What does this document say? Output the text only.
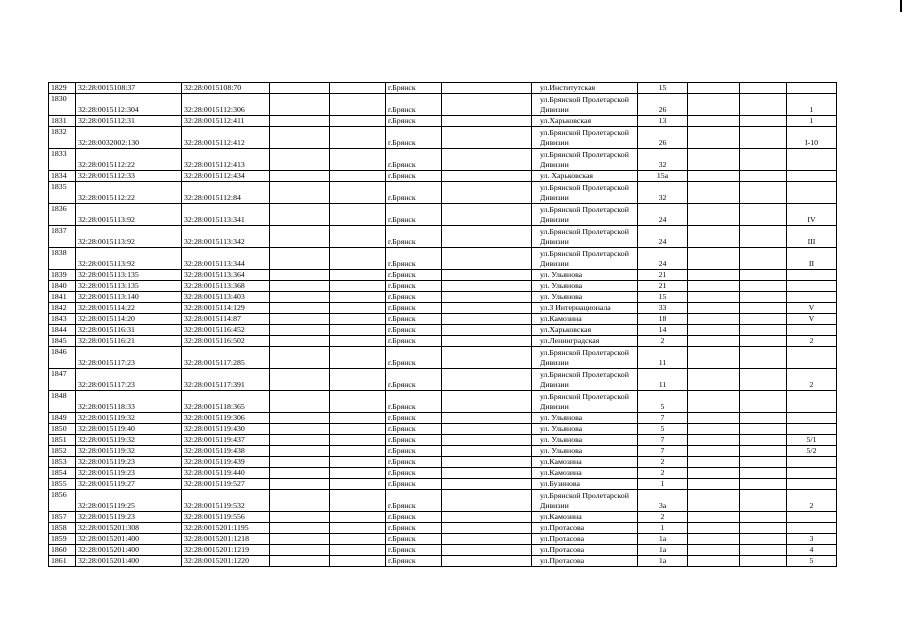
1829	32:28:0015108:37	32:28:0015108:70			г.Брянск		ул.Институтская	15			
1830	32:28:0015112:304	32:28:0015112:306			г.Брянск		ул.Брянской Пролетарской
Дивизии	26			1
1831	32:28:0015112:31	32:28:0015112:411			г.Брянск		ул.Харьковская	13			1
1832	32:28:0032002:130	32:28:0015112:412			г.Брянск		ул.Брянской Пролетарской
Дивизии	26			I-10
1833	32:28:0015112:22	32:28:0015112:413			г.Брянск		ул.Брянской Пролетарской
Дивизии	32			
1834	32:28:0015112:33	32:28:0015112:434			г.Брянск		ул. Харьковская	15а			
1835	32:28:0015112:22	32:28:0015112:84			г.Брянск		ул.Брянской Пролетарской
Дивизии	32			
1836	32:28:0015113:92	32:28:0015113:341			г.Брянск		ул.Брянской Пролетарской
Дивизии	24			IV
1837	32:28:0015113:92	32:28:0015113:342			г.Брянск		ул.Брянской Пролетарской
Дивизии	24			III
1838	32:28:0015113:92	32:28:0015113:344			г.Брянск		ул.Брянской Пролетарской
Дивизии	24			II
1839	32:28:0015113:135	32:28:0015113:364			г.Брянск		ул. Ульянова	21			
1840	32:28:0015113:135	32:28:0015113:368			г.Брянск		ул. Ульянова	21			
1841	32:28:0015113:140	32:28:0015113:403			г.Брянск		ул. Ульянова	15			
1842	32:28:0015114:22	32:28:0015114:129			г.Брянск		ул.3 Интернационала	33			V
1843	32:28:0015114:20	32:28:0015114:87			г.Брянск		ул.Камозина	18			V
1844	32:28:0015116:31	32:28:0015116:452			г.Брянск		ул.Харьковская	14			
1845	32:28:0015116:21	32:28:0015116:502			г.Брянск		ул.Ленинградская	2			2
1846	32:28:0015117:23	32:28:0015117:285			г.Брянск		ул.Брянской Пролетарской
Дивизии	11			
1847	32:28:0015117:23	32:28:0015117:391			г.Брянск		ул.Брянской Пролетарской
Дивизии	11			2
1848	32:28:0015118:33	32:28:0015118:365			г.Брянск		ул.Брянской Пролетарской
Дивизии	5			
1849	32:28:0015119:32	32:28:0015119:306			г.Брянск		ул. Ульянова	7			
1850	32:28:0015119:40	32:28:0015119:430			г.Брянск		ул. Ульянова	5			
1851	32:28:0015119:32	32:28:0015119:437			г.Брянск		ул. Ульянова	7			5/1
1852	32:28:0015119:32	32:28:0015119:438			г.Брянск		ул. Ульянова	7			5/2
1853	32:28:0015119:23	32:28:0015119:439			г.Брянск		ул.Камозина	2			
1854	32:28:0015119:23	32:28:0015119:440			г.Брянск		ул.Камозина	2			
1855	32:28:0015119:27	32:28:0015119:527			г.Брянск		ул.Бузинова	1			
1856	32:28:0015119:25	32:28:0015119:532			г.Брянск		ул.Брянской Пролетарской
Дивизии	3а			2
1857	32:28:0015119:23	32:28:0015119:556			г.Брянск		ул.Камозина	2			
1858	32:28:0015201:308	32:28:0015201:1195			г.Брянск		ул.Протасова	1			
1859	32:28:0015201:400	32:28:0015201:1218			г.Брянск		ул.Протасова	1а			3
1860	32:28:0015201:400	32:28:0015201:1219			г.Брянск		ул.Протасова	1а			4
1861	32:28:0015201:400	32:28:0015201:1220			г.Брянск		ул.Протасова	1а			5
